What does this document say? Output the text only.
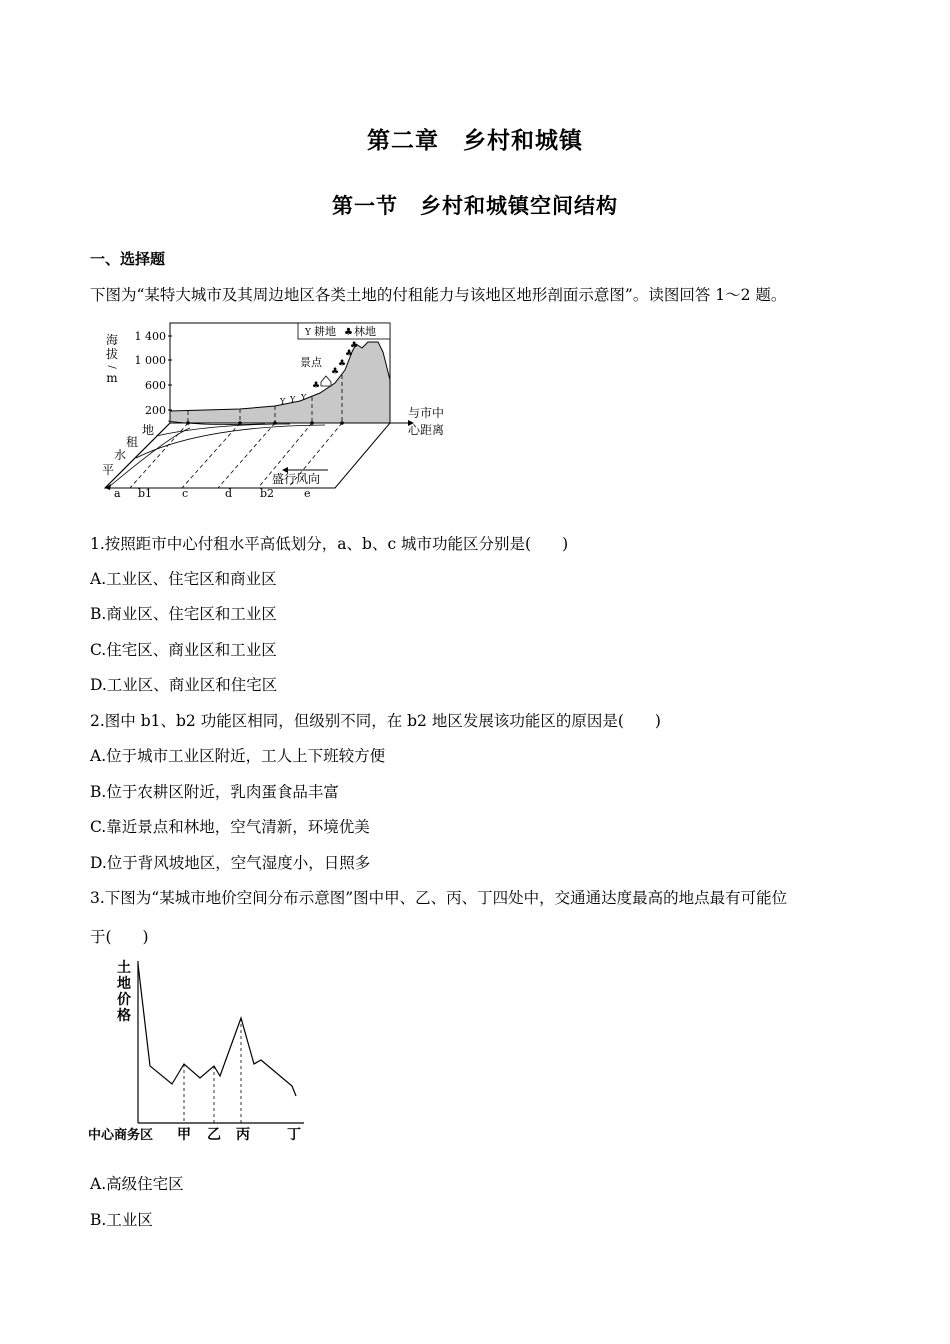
第二章　乡村和城镇
第一节　乡村和城镇空间结构
一、选择题
下图为“某特大城市及其周边地区各类土地的付租能力与该地区地形剖面示意图”。读图回答 1～2 题。
海
拔
/
m
1 400
1 000
600
200
Y 耕地 ♣ 林地
景点
Y Y Y
♣
♣
♣
♣
♣
与市中
心距离
地
租
水
平
盛行风向
a b1	c	d	b2	e
1.按照距市中心付租水平高低划分，a、b、c 城市功能区分别是(　　)
A.工业区、住宅区和商业区
B.商业区、住宅区和工业区
C.住宅区、商业区和工业区
D.工业区、商业区和住宅区
2.图中 b1、b2 功能区相同，但级别不同，在 b2 地区发展该功能区的原因是(　　)
A.位于城市工业区附近，工人上下班较方便
B.位于农耕区附近，乳肉蛋食品丰富
C.靠近景点和林地，空气清新，环境优美
D.位于背风坡地区，空气湿度小，日照多
3.下图为“某城市地价空间分布示意图”图中甲、乙、丙、丁四处中，交通通达度最高的地点最有可能位
于(　　)
土
地
价
格
中心商务区 甲 乙 丙	丁
A.高级住宅区
B.工业区
